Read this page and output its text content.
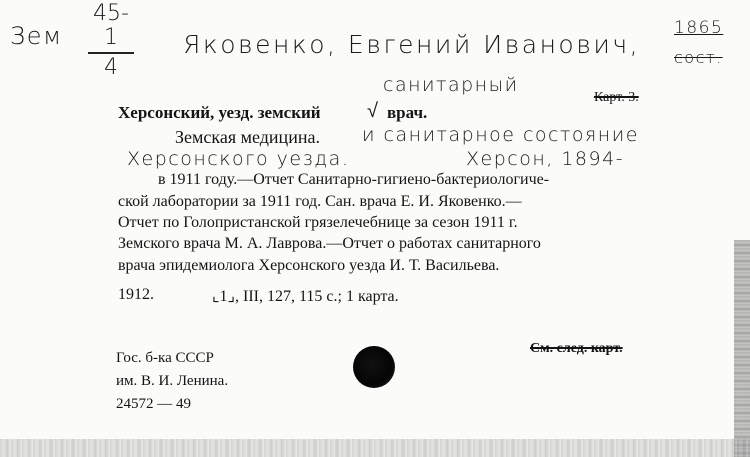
Зем
45-1
4
Яковенко, Евгений Иванович,
1865
сост.
санитарный
√
Херсонский, уезд. земский	врач.
Карт. 3.
Земская медицина. и санитарное состояние
Херсонского уезда.	Херсон, 1894-
в 1911 году.—Отчет Санитарно-гигиено-бактериологиче-
ской лаборатории за 1911 год. Сан. врача Е. И. Яковенко.—
Отчет по Голопристанской грязелечебнице за сезон 1911 г.
Земского врача М. А. Лаврова.—Отчет о работах санитарного
врача эпидемиолога Херсонского уезда И. Т. Васильева.
1912.	⌞1⌟, III, 127, 115 с.; 1 карта.
См. след. карт.
Гос. б-ка СССР
им. В. И. Ленина.
24572 — 49
